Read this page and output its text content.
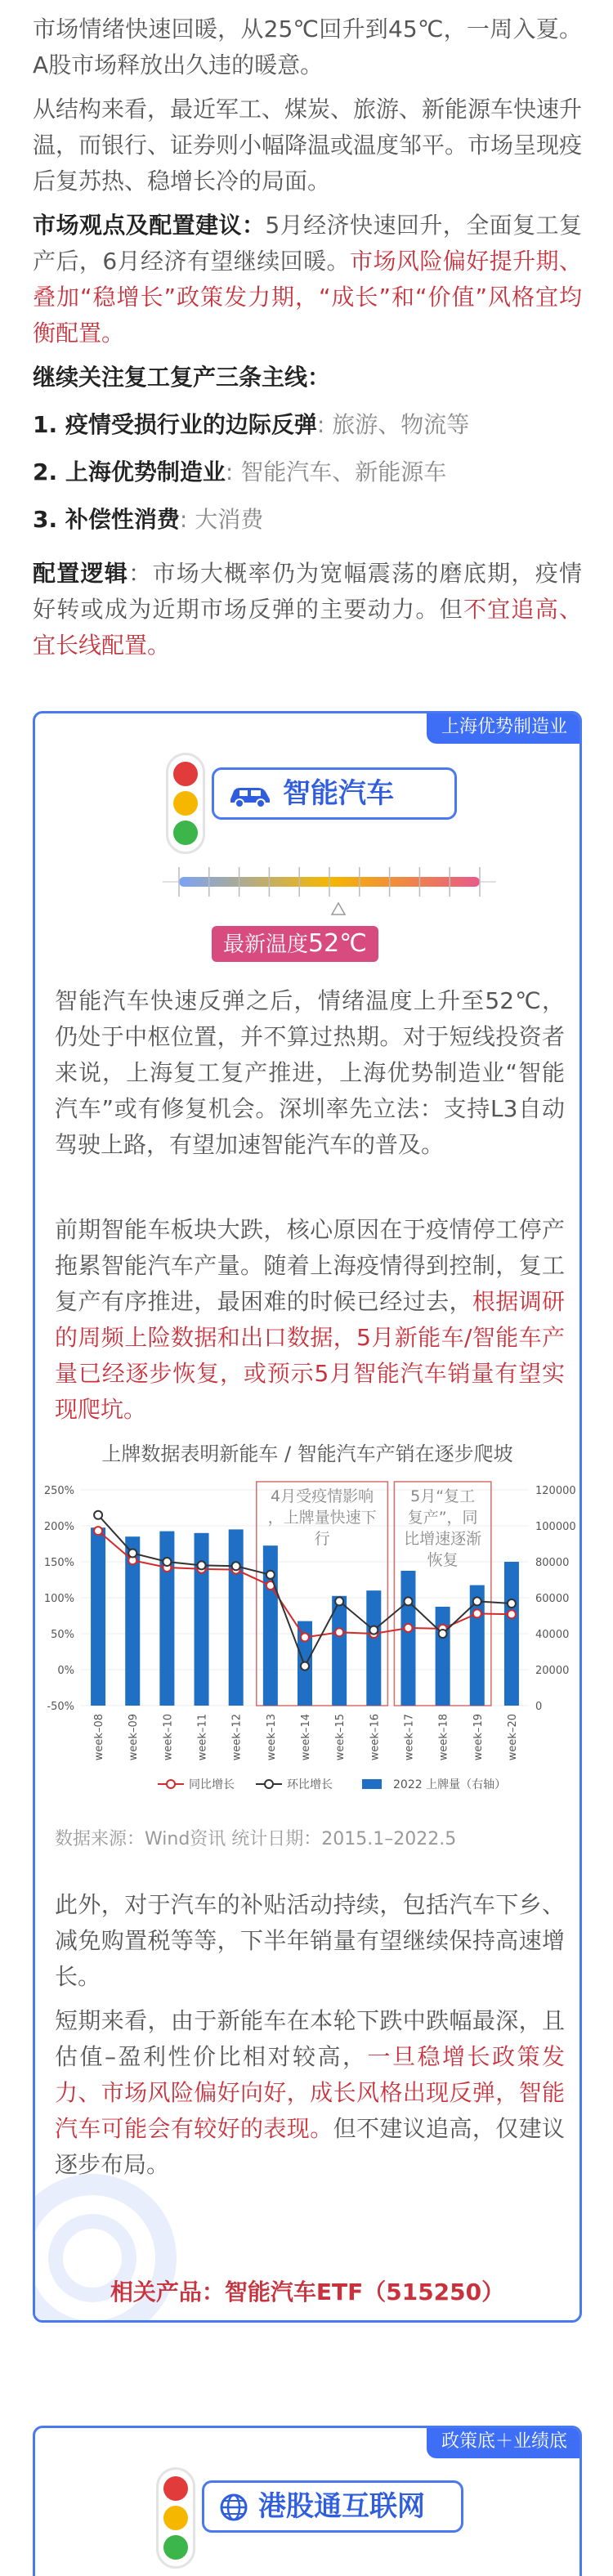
市场情绪快速回暖，从25℃回升到45℃，一周入夏。A股市场释放出久违的暖意。
从结构来看，最近军工、煤炭、旅游、新能源车快速升温，而银行、证券则小幅降温或温度邹平。市场呈现疫后复苏热、稳增长冷的局面。
市场观点及配置建议：5月经济快速回升，全面复工复产后，6月经济有望继续回暖。市场风险偏好提升期、叠加“稳增长”政策发力期，“成长”和“价值”风格宜均衡配置。
继续关注复工复产三条主线：
1. 疫情受损行业的边际反弹: 旅游、物流等
2. 上海优势制造业: 智能汽车、新能源车
3. 补偿性消费: 大消费
配置逻辑：市场大概率仍为宽幅震荡的磨底期，疫情好转或成为近期市场反弹的主要动力。但不宜追高、宜长线配置。
上海优势制造业
智能汽车
最新温度52℃
智能汽车快速反弹之后，情绪温度上升至52℃，仍处于中枢位置，并不算过热期。对于短线投资者来说，上海复工复产推进，上海优势制造业“智能汽车”或有修复机会。深圳率先立法：支持L3自动驾驶上路，有望加速智能汽车的普及。
前期智能车板块大跌，核心原因在于疫情停工停产拖累智能汽车产量。随着上海疫情得到控制，复工复产有序推进，最困难的时候已经过去，根据调研的周频上险数据和出口数据，5月新能车/智能车产量已经逐步恢复，或预示5月智能汽车销量有望实现爬坑。
上牌数据表明新能车 / 智能汽车产销在逐步爬坡
-50%
0%
50%
100%
150%
200%
250%
0
20000
40000
60000
80000
100000
120000
4月受疫情影响
，上牌量快速下
行
5月“复工
复产”，同
比增速逐渐
恢复
week–08 week–09 week–10 week–11 week–12 week–13 week–14 week–15 week–16 week–17 week–18 week–19 week–20
同比增长	环比增长	2022 上牌量（右轴）
数据来源：Wind资讯 统计日期：2015.1–2022.5
此外，对于汽车的补贴活动持续，包括汽车下乡、减免购置税等等，下半年销量有望继续保持高速增长。
短期来看，由于新能车在本轮下跌中跌幅最深，且估值–盈利性价比相对较高，一旦稳增长政策发力、市场风险偏好向好，成长风格出现反弹，智能汽车可能会有较好的表现。但不建议追高，仅建议逐步布局。
相关产品：智能汽车ETF（515250）
政策底＋业绩底
港股通互联网
